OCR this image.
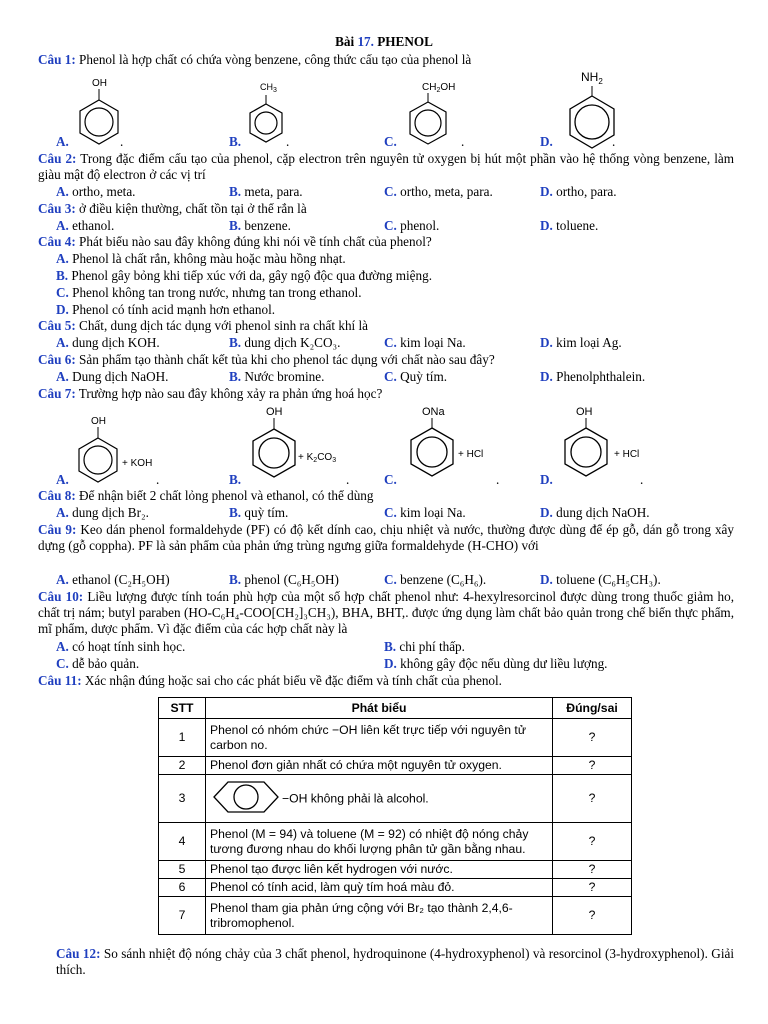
Bài 17. PHENOL
Câu 1: Phenol là hợp chất có chứa vòng benzene, công thức cấu tạo của phenol là
A.
OH
.	B.
$CH_3$
.	C.
$CH_2OH$
.	D.
$NH_2$
.
Câu 2: Trong đặc điểm cấu tạo của phenol, cặp electron trên nguyên tử oxygen bị hút một phần vào hệ thống vòng benzene, làm giàu mật độ electron ở các vị trí
A. ortho, meta.	B. meta, para.	C. ortho, meta, para.	D. ortho, para.
Câu 3: ở điều kiện thường, chất tồn tại ở thể rắn là
A. ethanol.	B. benzene.	C. phenol.	D. toluene.
Câu 4: Phát biểu nào sau đây không đúng khi nói về tính chất của phenol?
A. Phenol là chất rắn, không màu hoặc màu hồng nhạt.
B. Phenol gây bỏng khi tiếp xúc với da, gây ngộ độc qua đường miệng.
C. Phenol không tan trong nước, nhưng tan trong ethanol.
D. Phenol có tính acid mạnh hơn ethanol.
Câu 5: Chất, dung dịch tác dụng với phenol sinh ra chất khí là
A. dung dịch KOH.	B. dung dịch K₂CO₃.	C. kim loại Na.	D. kim loại Ag.
Câu 6: Sản phẩm tạo thành chất kết tủa khi cho phenol tác dụng với chất nào sau đây?
A. Dung dịch NaOH.	B. Nước bromine.	C. Quỳ tím.	D. Phenolphthalein.
Câu 7: Trường hợp nào sau đây không xảy ra phản ứng hoá học?
A.
OH
+ KOH
.	B.
OH
+ $K_2CO_3$
.	C.
ONa
+ HCl
.	D.
OH
+ HCl
.
Câu 8: Để nhận biết 2 chất lỏng phenol và ethanol, có thể dùng
A. dung dịch Br₂.	B. quỳ tím.	C. kim loại Na.	D. dung dịch NaOH.
Câu 9: Keo dán phenol formaldehyde (PF) có độ kết dính cao, chịu nhiệt và nước, thường được dùng để ép gỗ, dán gỗ trong xây dựng (gỗ coppha). PF là sản phẩm của phản ứng trùng ngưng giữa formaldehyde (H-CHO) với
A. ethanol (C₂H₅OH)	B. phenol (C₆H₅OH)	C. benzene (C₆H₆).	D. toluene (C₆H₅CH₃).
Câu 10: Liều lượng được tính toán phù hợp của một số hợp chất phenol như: 4-hexylresorcinol được dùng trong thuốc giảm ho, chất trị nám; butyl paraben (HO-C₆H₄-COO[CH₂]₃CH₃), BHA, BHT,. được ứng dụng làm chất bảo quản trong chế biến thực phẩm, mĩ phẩm, dược phẩm. Vì đặc điểm của các hợp chất này là
A. có hoạt tính sinh học.	B. chi phí thấp.
C. dễ bảo quản.	D. không gây độc nếu dùng dư liều lượng.
Câu 11: Xác nhận đúng hoặc sai cho các phát biểu về đặc điểm và tính chất của phenol.
STT	Phát biểu	Đúng/sai
1	Phenol có nhóm chức −OH liên kết trực tiếp với nguyên tử carbon no.	?
2	Phenol đơn giản nhất có chứa một nguyên tử oxygen.	?
3	−OH không phải là alcohol.	?
4	Phenol (M = 94) và toluene (M = 92) có nhiệt độ nóng chảy tương đương nhau do khối lượng phân tử gần bằng nhau.	?
5	Phenol tạo được liên kết hydrogen với nước.	?
6	Phenol có tính acid, làm quỳ tím hoá màu đỏ.	?
7	Phenol tham gia phản ứng cộng với Br₂ tạo thành 2,4,6-tribromophenol.	?
Câu 12: So sánh nhiệt độ nóng chảy của 3 chất phenol, hydroquinone (4-hydroxyphenol) và resorcinol (3-hydroxyphenol). Giải thích.
